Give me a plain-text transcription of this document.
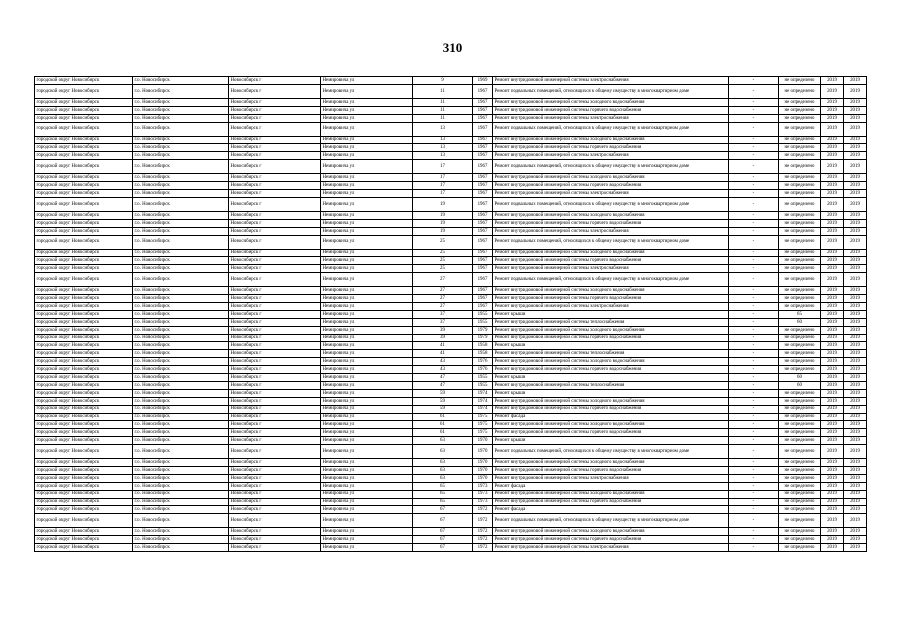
310
городской округ Новосибирск	г.о. Новосибирск	Новосибирск г	Немировича ул	9	1969	Ремонт внутридомовой инженерной системы электроснабжения	-	не определено	2019	2019
городской округ Новосибирск	г.о. Новосибирск	Новосибирск г	Немировича ул	11	1967	Ремонт подвальных помещений, относящихся к общему имуществу в многоквартирном доме	-	не определено	2019	2019
городской округ Новосибирск	г.о. Новосибирск	Новосибирск г	Немировича ул	11	1967	Ремонт внутридомовой инженерной системы холодного водоснабжения	-	не определено	2019	2019
городской округ Новосибирск	г.о. Новосибирск	Новосибирск г	Немировича ул	11	1967	Ремонт внутридомовой инженерной системы горячего водоснабжения	-	не определено	2019	2019
городской округ Новосибирск	г.о. Новосибирск	Новосибирск г	Немировича ул	11	1967	Ремонт внутридомовой инженерной системы электроснабжения	-	не определено	2019	2019
городской округ Новосибирск	г.о. Новосибирск	Новосибирск г	Немировича ул	13	1967	Ремонт подвальных помещений, относящихся к общему имуществу в многоквартирном доме	-	не определено	2019	2019
городской округ Новосибирск	г.о. Новосибирск	Новосибирск г	Немировича ул	13	1967	Ремонт внутридомовой инженерной системы холодного водоснабжения	-	не определено	2019	2019
городской округ Новосибирск	г.о. Новосибирск	Новосибирск г	Немировича ул	13	1967	Ремонт внутридомовой инженерной системы горячего водоснабжения	-	не определено	2019	2019
городской округ Новосибирск	г.о. Новосибирск	Новосибирск г	Немировича ул	13	1967	Ремонт внутридомовой инженерной системы электроснабжения	-	не определено	2019	2019
городской округ Новосибирск	г.о. Новосибирск	Новосибирск г	Немировича ул	17	1967	Ремонт подвальных помещений, относящихся к общему имуществу в многоквартирном доме	-	не определено	2019	2019
городской округ Новосибирск	г.о. Новосибирск	Новосибирск г	Немировича ул	17	1967	Ремонт внутридомовой инженерной системы холодного водоснабжения	-	не определено	2019	2019
городской округ Новосибирск	г.о. Новосибирск	Новосибирск г	Немировича ул	17	1967	Ремонт внутридомовой инженерной системы горячего водоснабжения	-	не определено	2019	2019
городской округ Новосибирск	г.о. Новосибирск	Новосибирск г	Немировича ул	17	1967	Ремонт внутридомовой инженерной системы электроснабжения	-	не определено	2019	2019
городской округ Новосибирск	г.о. Новосибирск	Новосибирск г	Немировича ул	19	1967	Ремонт подвальных помещений, относящихся к общему имуществу в многоквартирном доме	-	не определено	2019	2019
городской округ Новосибирск	г.о. Новосибирск	Новосибирск г	Немировича ул	19	1967	Ремонт внутридомовой инженерной системы холодного водоснабжения	-	не определено	2019	2019
городской округ Новосибирск	г.о. Новосибирск	Новосибирск г	Немировича ул	19	1967	Ремонт внутридомовой инженерной системы горячего водоснабжения	-	не определено	2019	2019
городской округ Новосибирск	г.о. Новосибирск	Новосибирск г	Немировича ул	19	1967	Ремонт внутридомовой инженерной системы электроснабжения	-	не определено	2019	2019
городской округ Новосибирск	г.о. Новосибирск	Новосибирск г	Немировича ул	25	1967	Ремонт подвальных помещений, относящихся к общему имуществу в многоквартирном доме	-	не определено	2019	2019
городской округ Новосибирск	г.о. Новосибирск	Новосибирск г	Немировича ул	25	1967	Ремонт внутридомовой инженерной системы холодного водоснабжения	-	не определено	2019	2019
городской округ Новосибирск	г.о. Новосибирск	Новосибирск г	Немировича ул	25	1967	Ремонт внутридомовой инженерной системы горячего водоснабжения	-	не определено	2019	2019
городской округ Новосибирск	г.о. Новосибирск	Новосибирск г	Немировича ул	25	1967	Ремонт внутридомовой инженерной системы электроснабжения	-	не определено	2019	2019
городской округ Новосибирск	г.о. Новосибирск	Новосибирск г	Немировича ул	27	1967	Ремонт подвальных помещений, относящихся к общему имуществу в многоквартирном доме	-	не определено	2019	2019
городской округ Новосибирск	г.о. Новосибирск	Новосибирск г	Немировича ул	27	1967	Ремонт внутридомовой инженерной системы холодного водоснабжения	-	не определено	2019	2019
городской округ Новосибирск	г.о. Новосибирск	Новосибирск г	Немировича ул	27	1967	Ремонт внутридомовой инженерной системы горячего водоснабжения	-	не определено	2019	2019
городской округ Новосибирск	г.о. Новосибирск	Новосибирск г	Немировича ул	27	1967	Ремонт внутридомовой инженерной системы электроснабжения	-	не определено	2019	2019
городской округ Новосибирск	г.о. Новосибирск	Новосибирск г	Немировича ул	37	1955	Ремонт крыши	-	65	2019	2019
городской округ Новосибирск	г.о. Новосибирск	Новосибирск г	Немировича ул	37	1955	Ремонт внутридомовой инженерной системы теплоснабжения	-	60	2019	2019
городской округ Новосибирск	г.о. Новосибирск	Новосибирск г	Немировича ул	39	1979	Ремонт внутридомовой инженерной системы холодного водоснабжения	-	не определено	2019	2019
городской округ Новосибирск	г.о. Новосибирск	Новосибирск г	Немировича ул	39	1979	Ремонт внутридомовой инженерной системы горячего водоснабжения	-	не определено	2019	2019
городской округ Новосибирск	г.о. Новосибирск	Новосибирск г	Немировича ул	41	1958	Ремонт крыши	-	не определено	2019	2019
городской округ Новосибирск	г.о. Новосибирск	Новосибирск г	Немировича ул	41	1958	Ремонт внутридомовой инженерной системы теплоснабжения	-	не определено	2019	2019
городской округ Новосибирск	г.о. Новосибирск	Новосибирск г	Немировича ул	43	1976	Ремонт внутридомовой инженерной системы холодного водоснабжения	-	не определено	2019	2019
городской округ Новосибирск	г.о. Новосибирск	Новосибирск г	Немировича ул	43	1976	Ремонт внутридомовой инженерной системы горячего водоснабжения	-	не определено	2019	2019
городской округ Новосибирск	г.о. Новосибирск	Новосибирск г	Немировича ул	47	1955	Ремонт крыши	-	60	2019	2019
городской округ Новосибирск	г.о. Новосибирск	Новосибирск г	Немировича ул	47	1955	Ремонт внутридомовой инженерной системы теплоснабжения	-	60	2019	2019
городской округ Новосибирск	г.о. Новосибирск	Новосибирск г	Немировича ул	59	1974	Ремонт крыши	-	не определено	2019	2019
городской округ Новосибирск	г.о. Новосибирск	Новосибирск г	Немировича ул	59	1974	Ремонт внутридомовой инженерной системы холодного водоснабжения	-	не определено	2019	2019
городской округ Новосибирск	г.о. Новосибирск	Новосибирск г	Немировича ул	59	1974	Ремонт внутридомовой инженерной системы горячего водоснабжения	-	не определено	2019	2019
городской округ Новосибирск	г.о. Новосибирск	Новосибирск г	Немировича ул	61	1975	Ремонт фасада	-	не определено	2019	2019
городской округ Новосибирск	г.о. Новосибирск	Новосибирск г	Немировича ул	61	1975	Ремонт внутридомовой инженерной системы холодного водоснабжения	-	не определено	2019	2019
городской округ Новосибирск	г.о. Новосибирск	Новосибирск г	Немировича ул	61	1975	Ремонт внутридомовой инженерной системы горячего водоснабжения	-	не определено	2019	2019
городской округ Новосибирск	г.о. Новосибирск	Новосибирск г	Немировича ул	63	1970	Ремонт крыши	-	не определено	2019	2019
городской округ Новосибирск	г.о. Новосибирск	Новосибирск г	Немировича ул	63	1970	Ремонт подвальных помещений, относящихся к общему имуществу в многоквартирном доме	-	не определено	2019	2019
городской округ Новосибирск	г.о. Новосибирск	Новосибирск г	Немировича ул	63	1970	Ремонт внутридомовой инженерной системы холодного водоснабжения	-	не определено	2019	2019
городской округ Новосибирск	г.о. Новосибирск	Новосибирск г	Немировича ул	63	1970	Ремонт внутридомовой инженерной системы горячего водоснабжения	-	не определено	2019	2019
городской округ Новосибирск	г.о. Новосибирск	Новосибирск г	Немировича ул	63	1970	Ремонт внутридомовой инженерной системы электроснабжения	-	не определено	2019	2019
городской округ Новосибирск	г.о. Новосибирск	Новосибирск г	Немировича ул	65	1973	Ремонт фасада	-	не определено	2019	2019
городской округ Новосибирск	г.о. Новосибирск	Новосибирск г	Немировича ул	65	1973	Ремонт внутридомовой инженерной системы холодного водоснабжения	-	не определено	2019	2019
городской округ Новосибирск	г.о. Новосибирск	Новосибирск г	Немировича ул	65	1973	Ремонт внутридомовой инженерной системы горячего водоснабжения	-	не определено	2019	2019
городской округ Новосибирск	г.о. Новосибирск	Новосибирск г	Немировича ул	67	1972	Ремонт фасада	-	не определено	2019	2019
городской округ Новосибирск	г.о. Новосибирск	Новосибирск г	Немировича ул	67	1972	Ремонт подвальных помещений, относящихся к общему имуществу в многоквартирном доме	-	не определено	2019	2019
городской округ Новосибирск	г.о. Новосибирск	Новосибирск г	Немировича ул	67	1972	Ремонт внутридомовой инженерной системы холодного водоснабжения	-	не определено	2019	2019
городской округ Новосибирск	г.о. Новосибирск	Новосибирск г	Немировича ул	67	1972	Ремонт внутридомовой инженерной системы горячего водоснабжения	-	не определено	2019	2019
городской округ Новосибирск	г.о. Новосибирск	Новосибирск г	Немировича ул	67	1972	Ремонт внутридомовой инженерной системы электроснабжения	-	не определено	2019	2019
